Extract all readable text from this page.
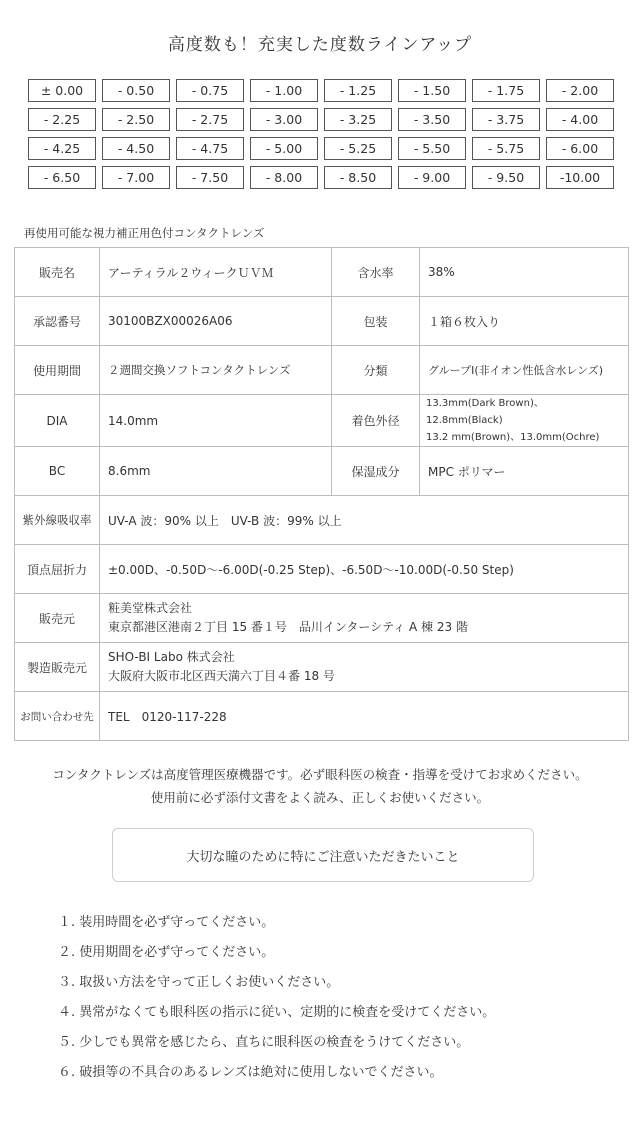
高度数も！充実した度数ラインアップ
± 0.00	- 0.50	- 0.75	- 1.00	- 1.25	- 1.50	- 1.75	- 2.00
- 2.25	- 2.50	- 2.75	- 3.00	- 3.25	- 3.50	- 3.75	- 4.00
- 4.25	- 4.50	- 4.75	- 5.00	- 5.25	- 5.50	- 5.75	- 6.00
- 6.50	- 7.00	- 7.50	- 8.00	- 8.50	- 9.00	- 9.50	-10.00
再使用可能な視力補正用色付コンタクトレンズ
販売名	アーティラル２ウィークＵＶＭ	含水率	38%
承認番号	30100BZX00026A06	包装	１箱６枚入り
使用期間	２週間交換ソフトコンタクトレンズ	分類	グループⅠ(非イオン性低含水レンズ)
DIA	14.0mm	着色外径	13.3mm(Dark Brown)、12.8mm(Black)
13.2 mm(Brown)、13.0mm(Ochre)

BC	8.6mm	保湿成分	MPC ポリマー
紫外線吸収率	UV-A 波：90% 以上　UV-B 波：99% 以上		
頂点屈折力	±0.00D、-0.50D～-6.00D(-0.25 Step)、-6.50D～-10.00D(-0.50 Step)		
販売元	粧美堂株式会社
東京都港区港南２丁目 15 番１号　品川インターシティ A 棟 23 階		

製造販売元	SHO-BI Labo 株式会社
大阪府大阪市北区西天満六丁目４番 18 号		

お問い合わせ先	TEL　0120-117-228		
コンタクトレンズは高度管理医療機器です。必ず眼科医の検査・指導を受けてお求めください。
使用前に必ず添付文書をよく読み、正しくお使いください。
大切な瞳のために特にご注意いただきたいこと
１. 装用時間を必ず守ってください。
２. 使用期間を必ず守ってください。
３. 取扱い方法を守って正しくお使いください。
４. 異常がなくても眼科医の指示に従い、定期的に検査を受けてください。
５. 少しでも異常を感じたら、直ちに眼科医の検査をうけてください。
６. 破損等の不具合のあるレンズは絶対に使用しないでください。
